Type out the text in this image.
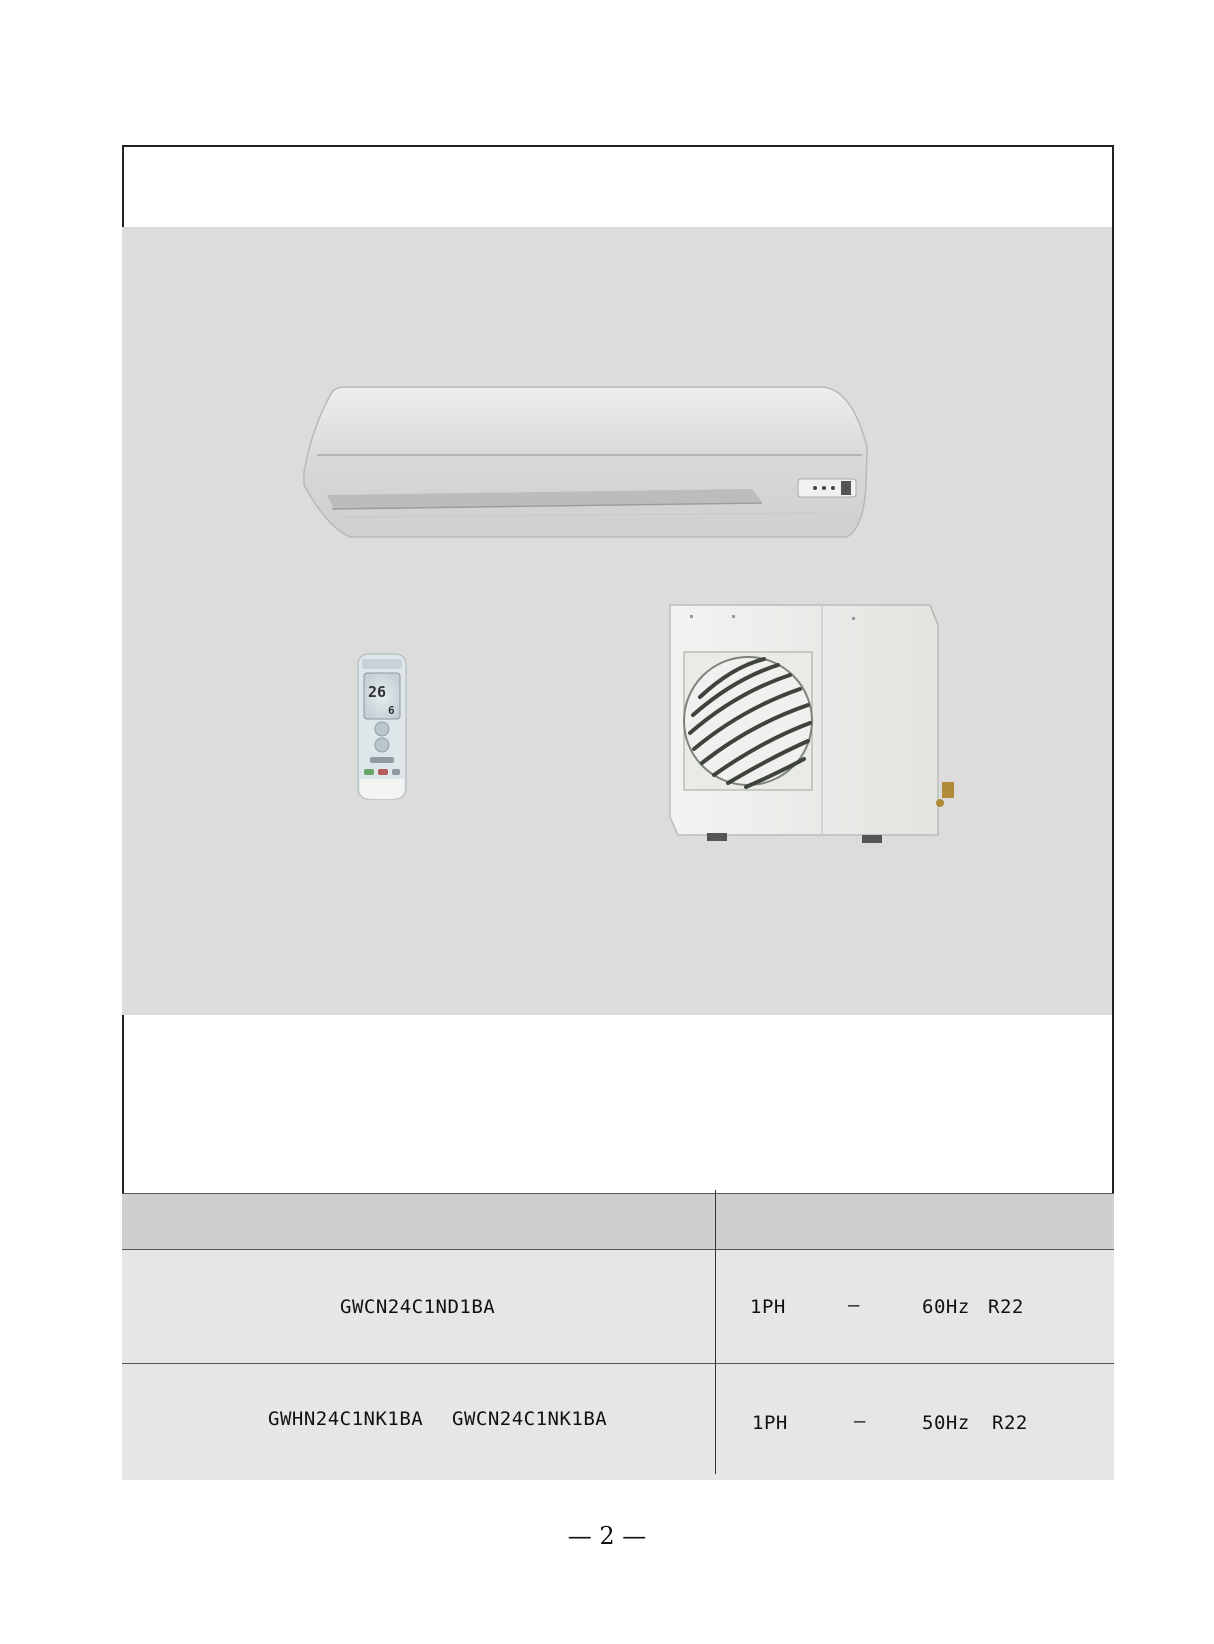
26
6
GWCN24C1ND1BA	1PH	—	60Hz R22
GWHN24C1NK1BA GWCN24C1NK1BA	1PH	—	50Hz R22
— 2 —
